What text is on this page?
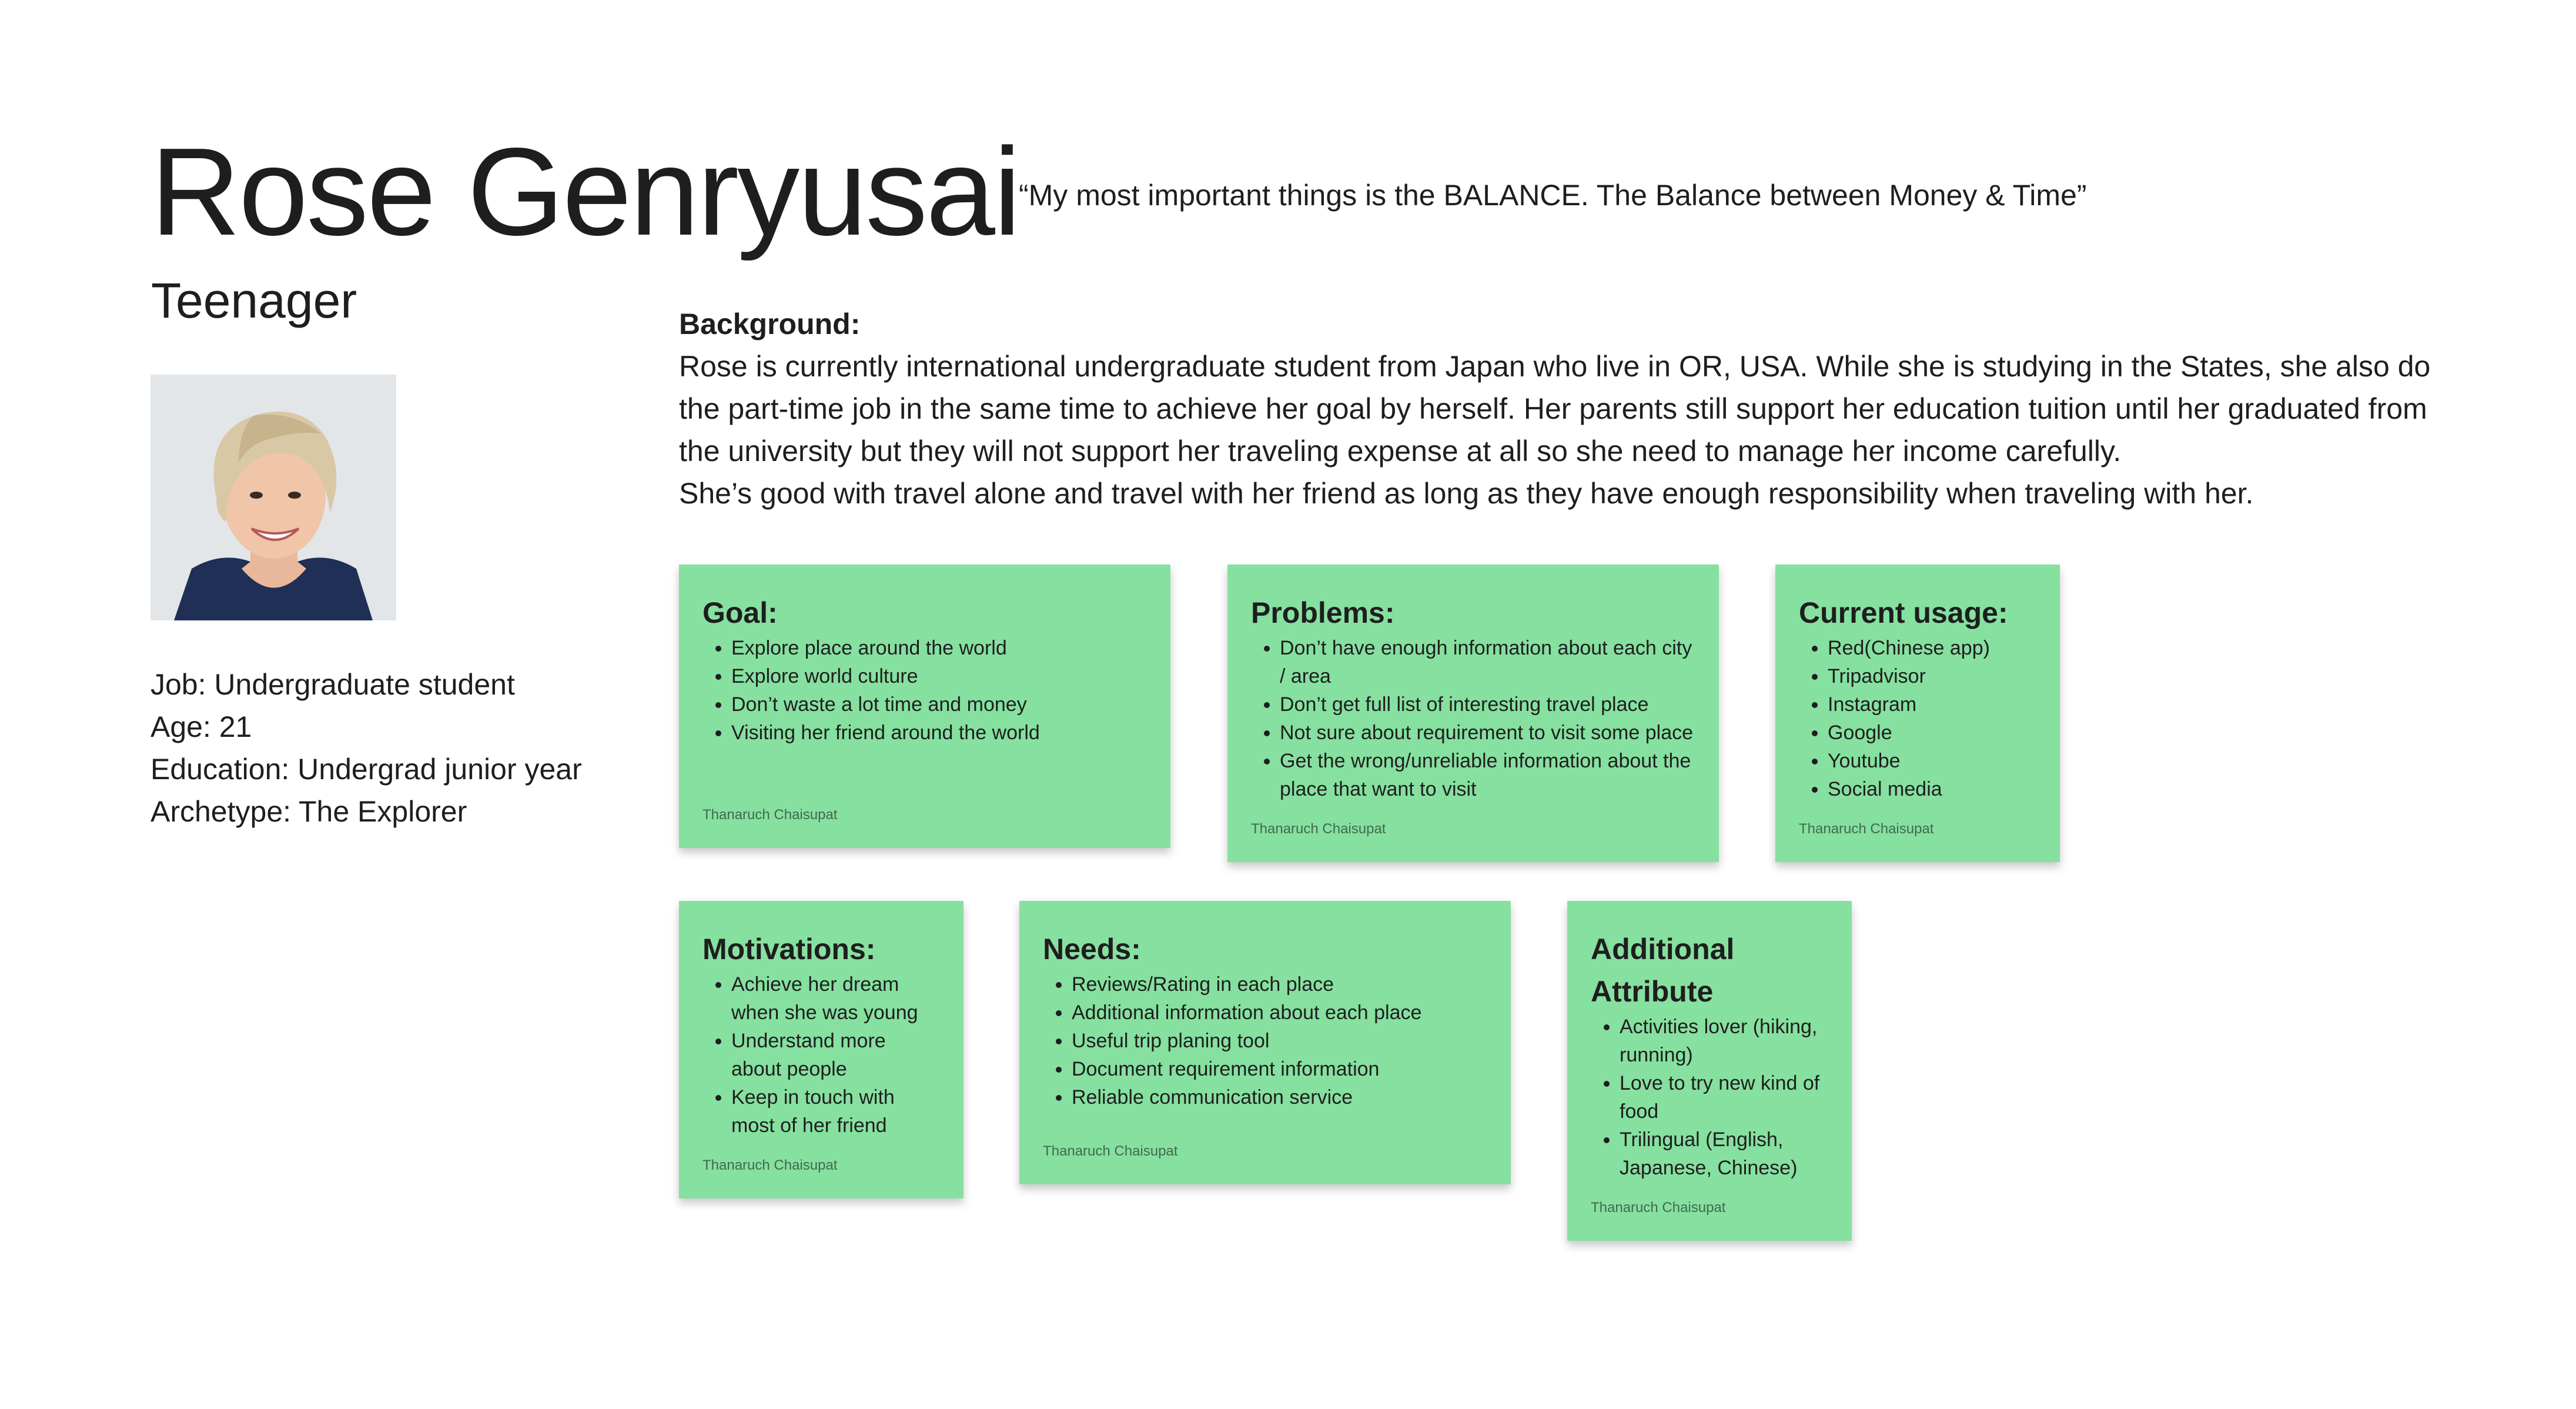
Rose Genryusai
“My most important things is the BALANCE. The Balance between Money & Time”
Teenager
Job: Undergraduate student
Age: 21
Education: Undergrad junior year
Archetype: The Explorer
Background:

Rose is currently international undergraduate student from Japan who live in OR, USA. While she is studying in the States, she also do the part-time job in the same time to achieve her goal by herself. Her parents still support her education tuition until her graduated from the university but they will not support her traveling expense at all so she need to manage her income carefully.

She’s good with travel alone and travel with her friend as long as they have enough responsibility when traveling with her.

Goal:
• Explore place around the world
• Explore world culture
• Don’t waste a lot time and money
• Visiting her friend around the world
Thanaruch Chaisupat
Problems:
• Don’t have enough information about each city / area
• Don’t get full list of interesting travel place
• Not sure about requirement to visit some place
• Get the wrong/unreliable information about the place that want to visit
Thanaruch Chaisupat
Current usage:
• Red(Chinese app)
• Tripadvisor
• Instagram
• Google
• Youtube
• Social media
Thanaruch Chaisupat
Motivations:
• Achieve her dream when she was young
• Understand more about people
• Keep in touch with most of her friend
Thanaruch Chaisupat
Needs:
• Reviews/Rating in each place
• Additional information about each place
• Useful trip planing tool
• Document requirement information
• Reliable communication service
Thanaruch Chaisupat
Additional Attribute
• Activities lover (hiking, running)
• Love to try new kind of food
• Trilingual (English, Japanese, Chinese)
Thanaruch Chaisupat
